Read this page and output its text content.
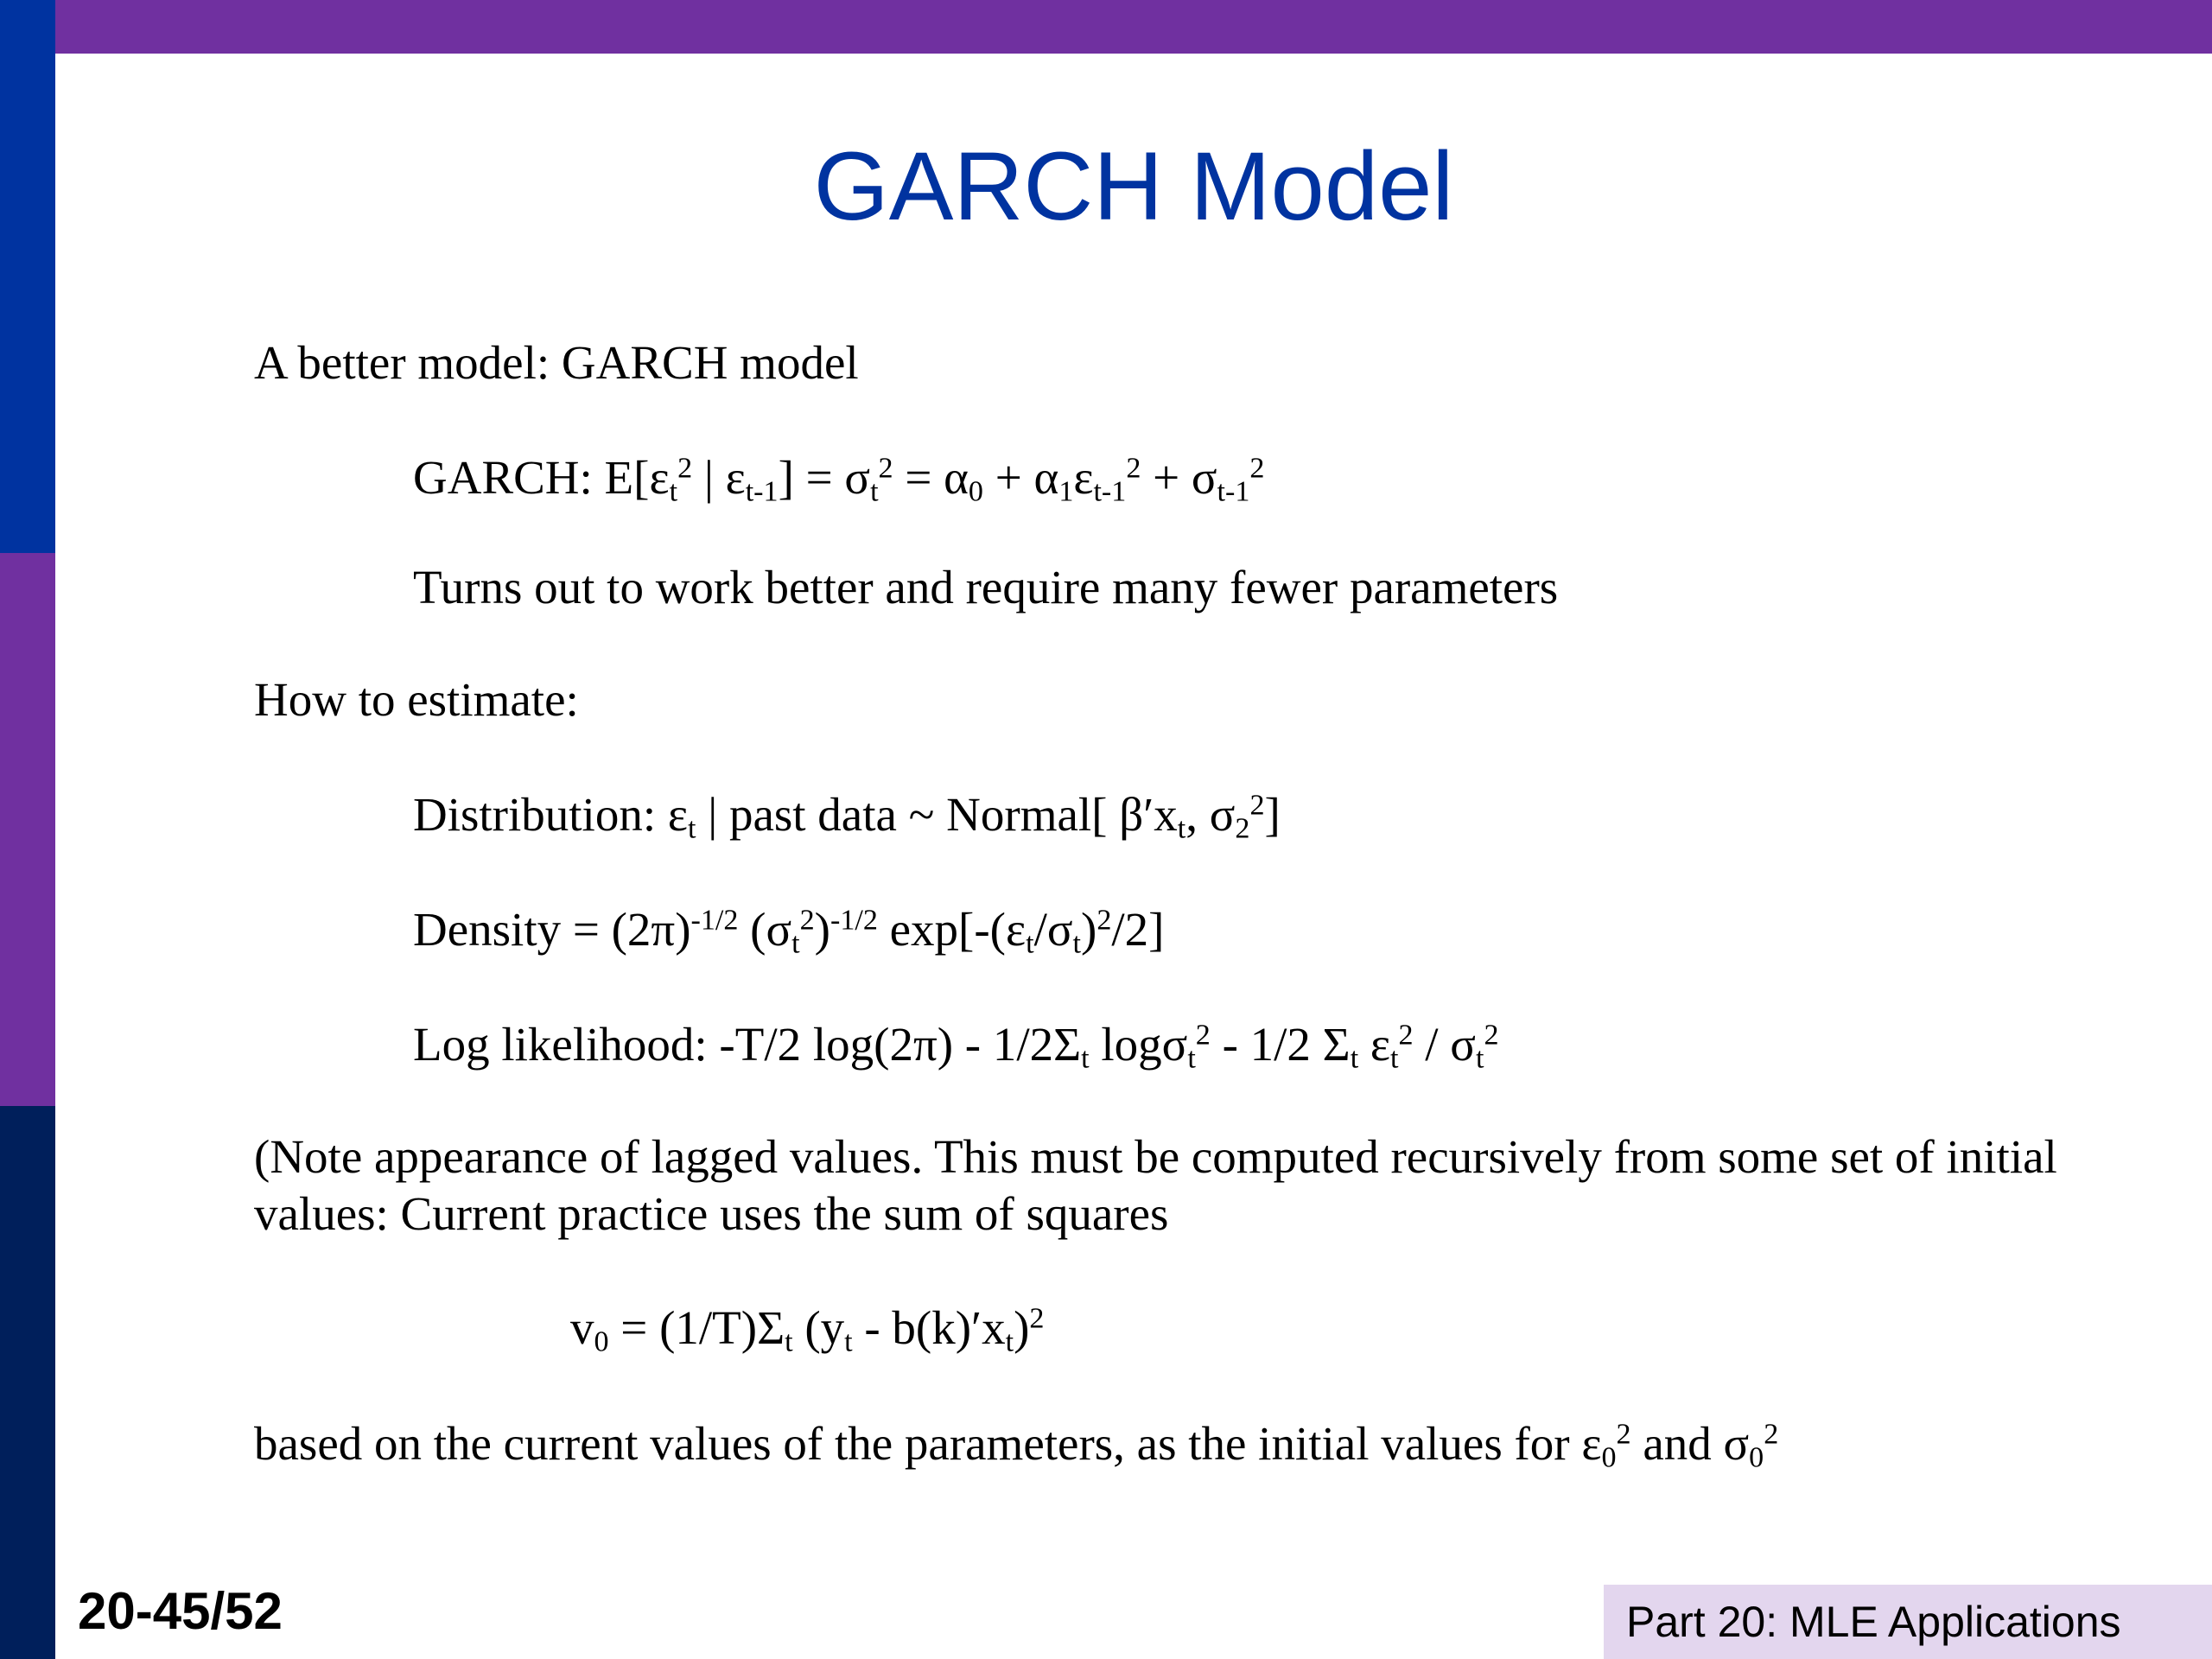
GARCH Model
A better model: GARCH model
GARCH: $E[\varepsilon_t^2$ | $\varepsilon_{t-1}] = \sigma_t^2 = \alpha_0 + \alpha_1\varepsilon_{t-1}^2 + \sigma_{t-1}^2$
Turns out to work better and require many fewer parameters
How to estimate:
Distribution: $\varepsilon_t$ | past data ~ Normal[ $\beta'x_t$, $\sigma_2^2$]
Density = $(2\pi)^{-1/2}$ $(\sigma_t^2)^{-1/2}$ $\exp[-(\varepsilon_t/\sigma_t)^2/2]$
Log likelihood: -T/2 $\log(2\pi) - 1/2\Sigma_t$ logσ$_t^2$ - 1/2 $\Sigma_t$ $\varepsilon_t^2 / \sigma_t^2$
(Note appearance of lagged values. This must be computed recursively from some set of initial
values: Current practice uses the sum of squares
$v_0 = (1/T)\Sigma_t$ $(y_t - b(k)'x_t)^2$
based on the current values of the parameters, as the initial values for $\varepsilon_0^2$ and $\sigma_0^2$
20-45/52	Part 20: MLE Applications
